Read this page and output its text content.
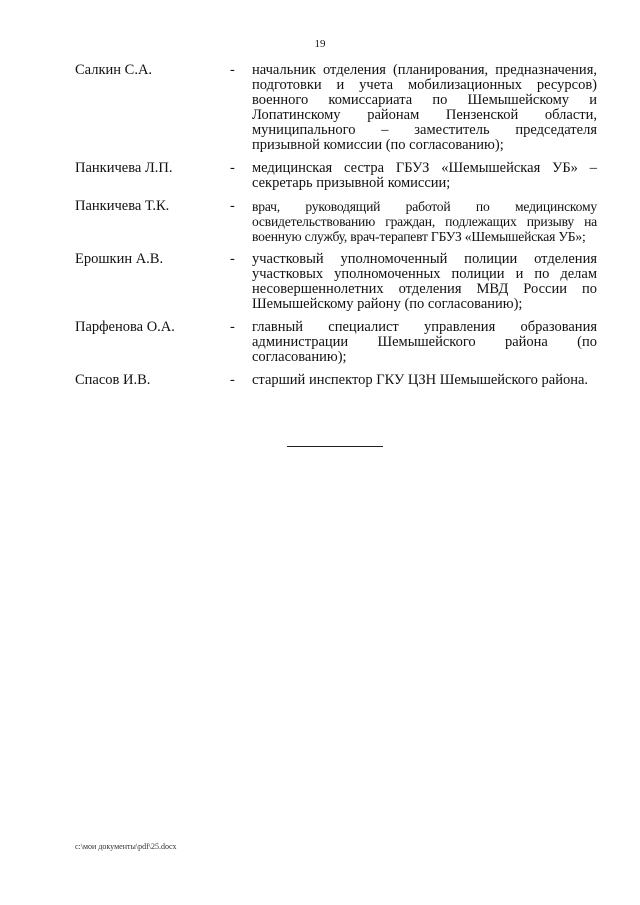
19
Салкин С.А.	-	начальник отделения (планирования, предназначения, подготовки и учета мобилизационных ресурсов) военного комиссариата по Шемышейскому и Лопатинскому районам Пензенской области, муниципального – заместитель председателя призывной комиссии (по согласованию);
Панкичева Л.П.	-	медицинская сестра ГБУЗ «Шемышейская УБ» – секретарь призывной комиссии;
Панкичева Т.К.	-	врач, руководящий работой по медицинскому освидетельствованию граждан, подлежащих призыву на военную службу, врач-терапевт ГБУЗ «Шемышейская УБ»;
Ерошкин А.В.	-	участковый уполномоченный полиции отделения участковых уполномоченных полиции и по делам несовершеннолетних отделения МВД России по Шемышейскому району (по согласованию);
Парфенова О.А.	-	главный специалист управления образования администрации Шемышейского района (по согласованию);
Спасов И.В.	-	старший инспектор ГКУ ЦЗН Шемышейского района.
c:\мои документы\pdf\25.docx
